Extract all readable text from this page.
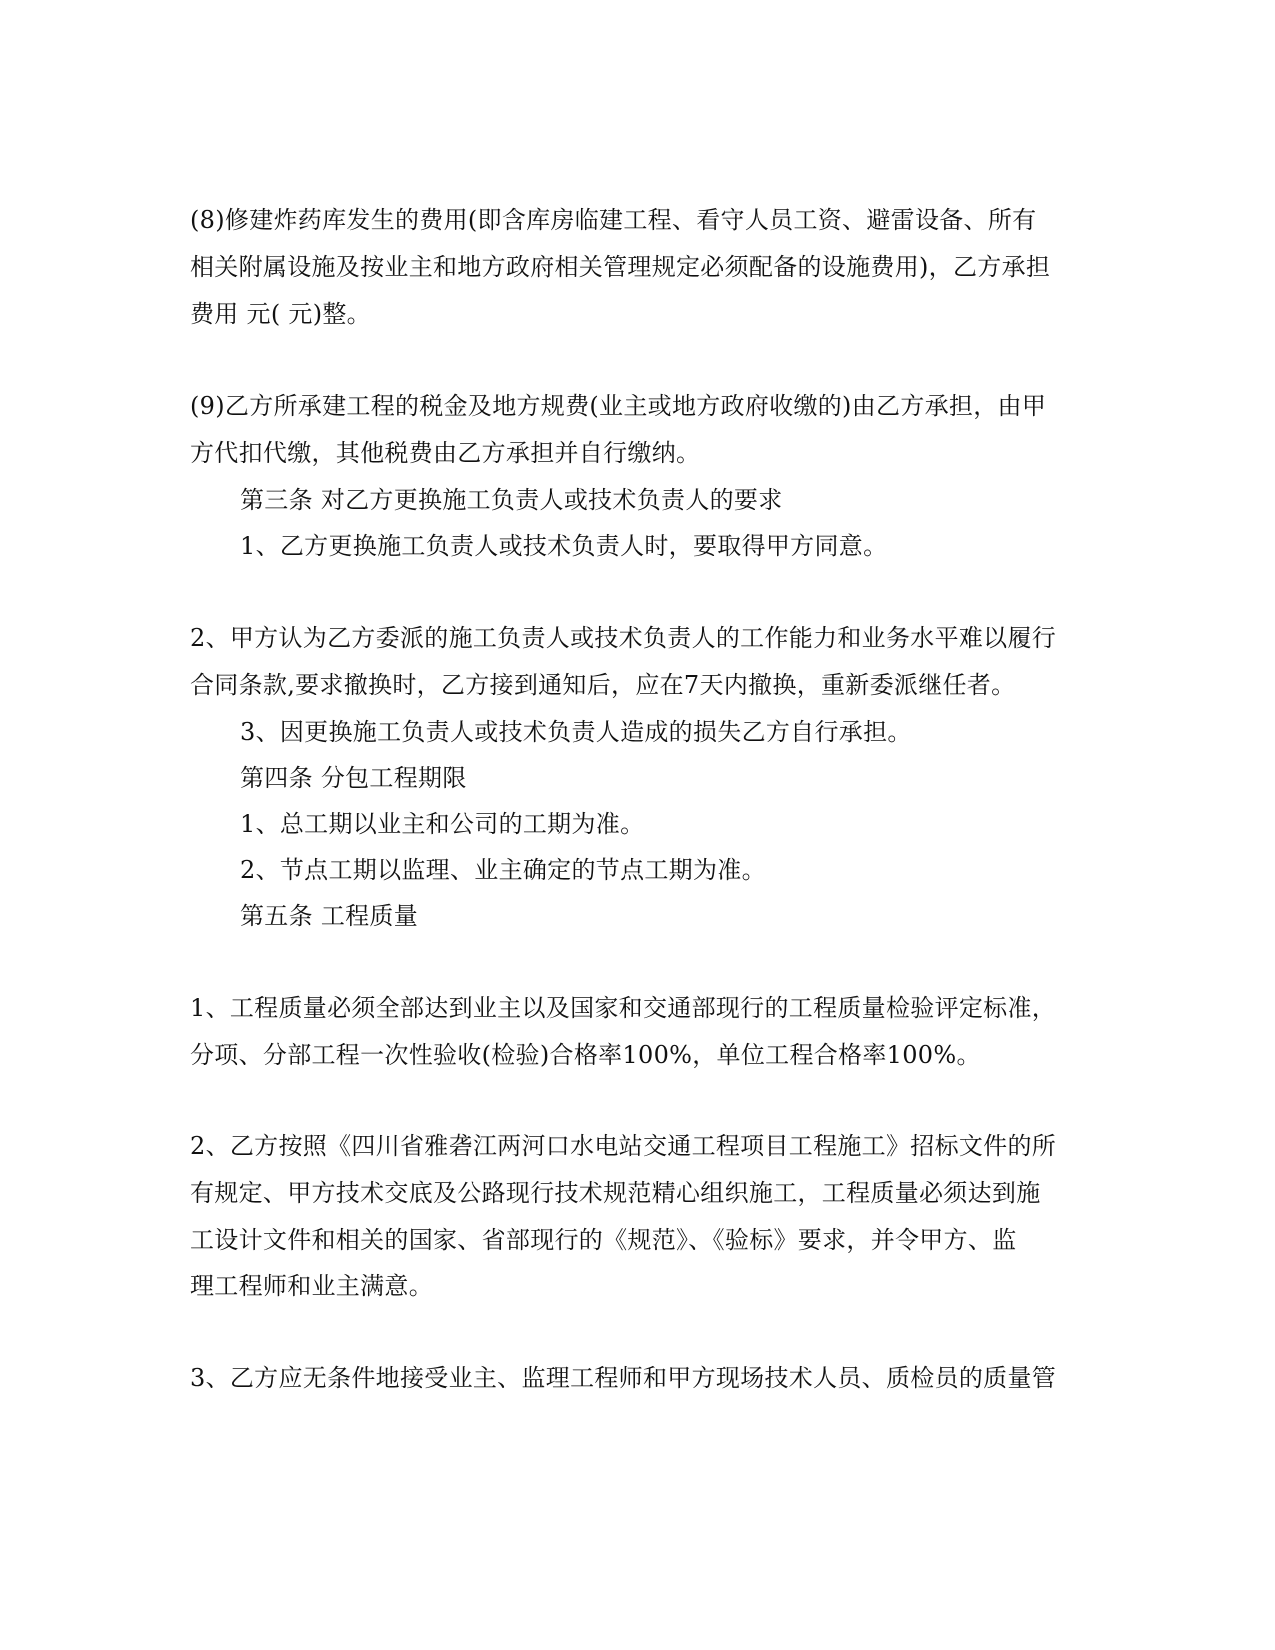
(8)修建炸药库发生的费用(即含库房临建工程、看守人员工资、避雷设备、所有
相关附属设施及按业主和地方政府相关管理规定必须配备的设施费用)，乙方承担
费用 元( 元)整。
(9)乙方所承建工程的税金及地方规费(业主或地方政府收缴的)由乙方承担，由甲
方代扣代缴，其他税费由乙方承担并自行缴纳。
第三条 对乙方更换施工负责人或技术负责人的要求
1、乙方更换施工负责人或技术负责人时，要取得甲方同意。
2、甲方认为乙方委派的施工负责人或技术负责人的工作能力和业务水平难以履行
合同条款,要求撤换时，乙方接到通知后，应在7天内撤换，重新委派继任者。
3、因更换施工负责人或技术负责人造成的损失乙方自行承担。
第四条 分包工程期限
1、总工期以业主和公司的工期为准。
2、节点工期以监理、业主确定的节点工期为准。
第五条 工程质量
1、工程质量必须全部达到业主以及国家和交通部现行的工程质量检验评定标准，
分项、分部工程一次性验收(检验)合格率100%，单位工程合格率100%。
2、乙方按照《四川省雅砻江两河口水电站交通工程项目工程施工》招标文件的所
有规定、甲方技术交底及公路现行技术规范精心组织施工，工程质量必须达到施
工设计文件和相关的国家、省部现行的《规范》、《验标》要求，并令甲方、监
理工程师和业主满意。
3、乙方应无条件地接受业主、监理工程师和甲方现场技术人员、质检员的质量管
